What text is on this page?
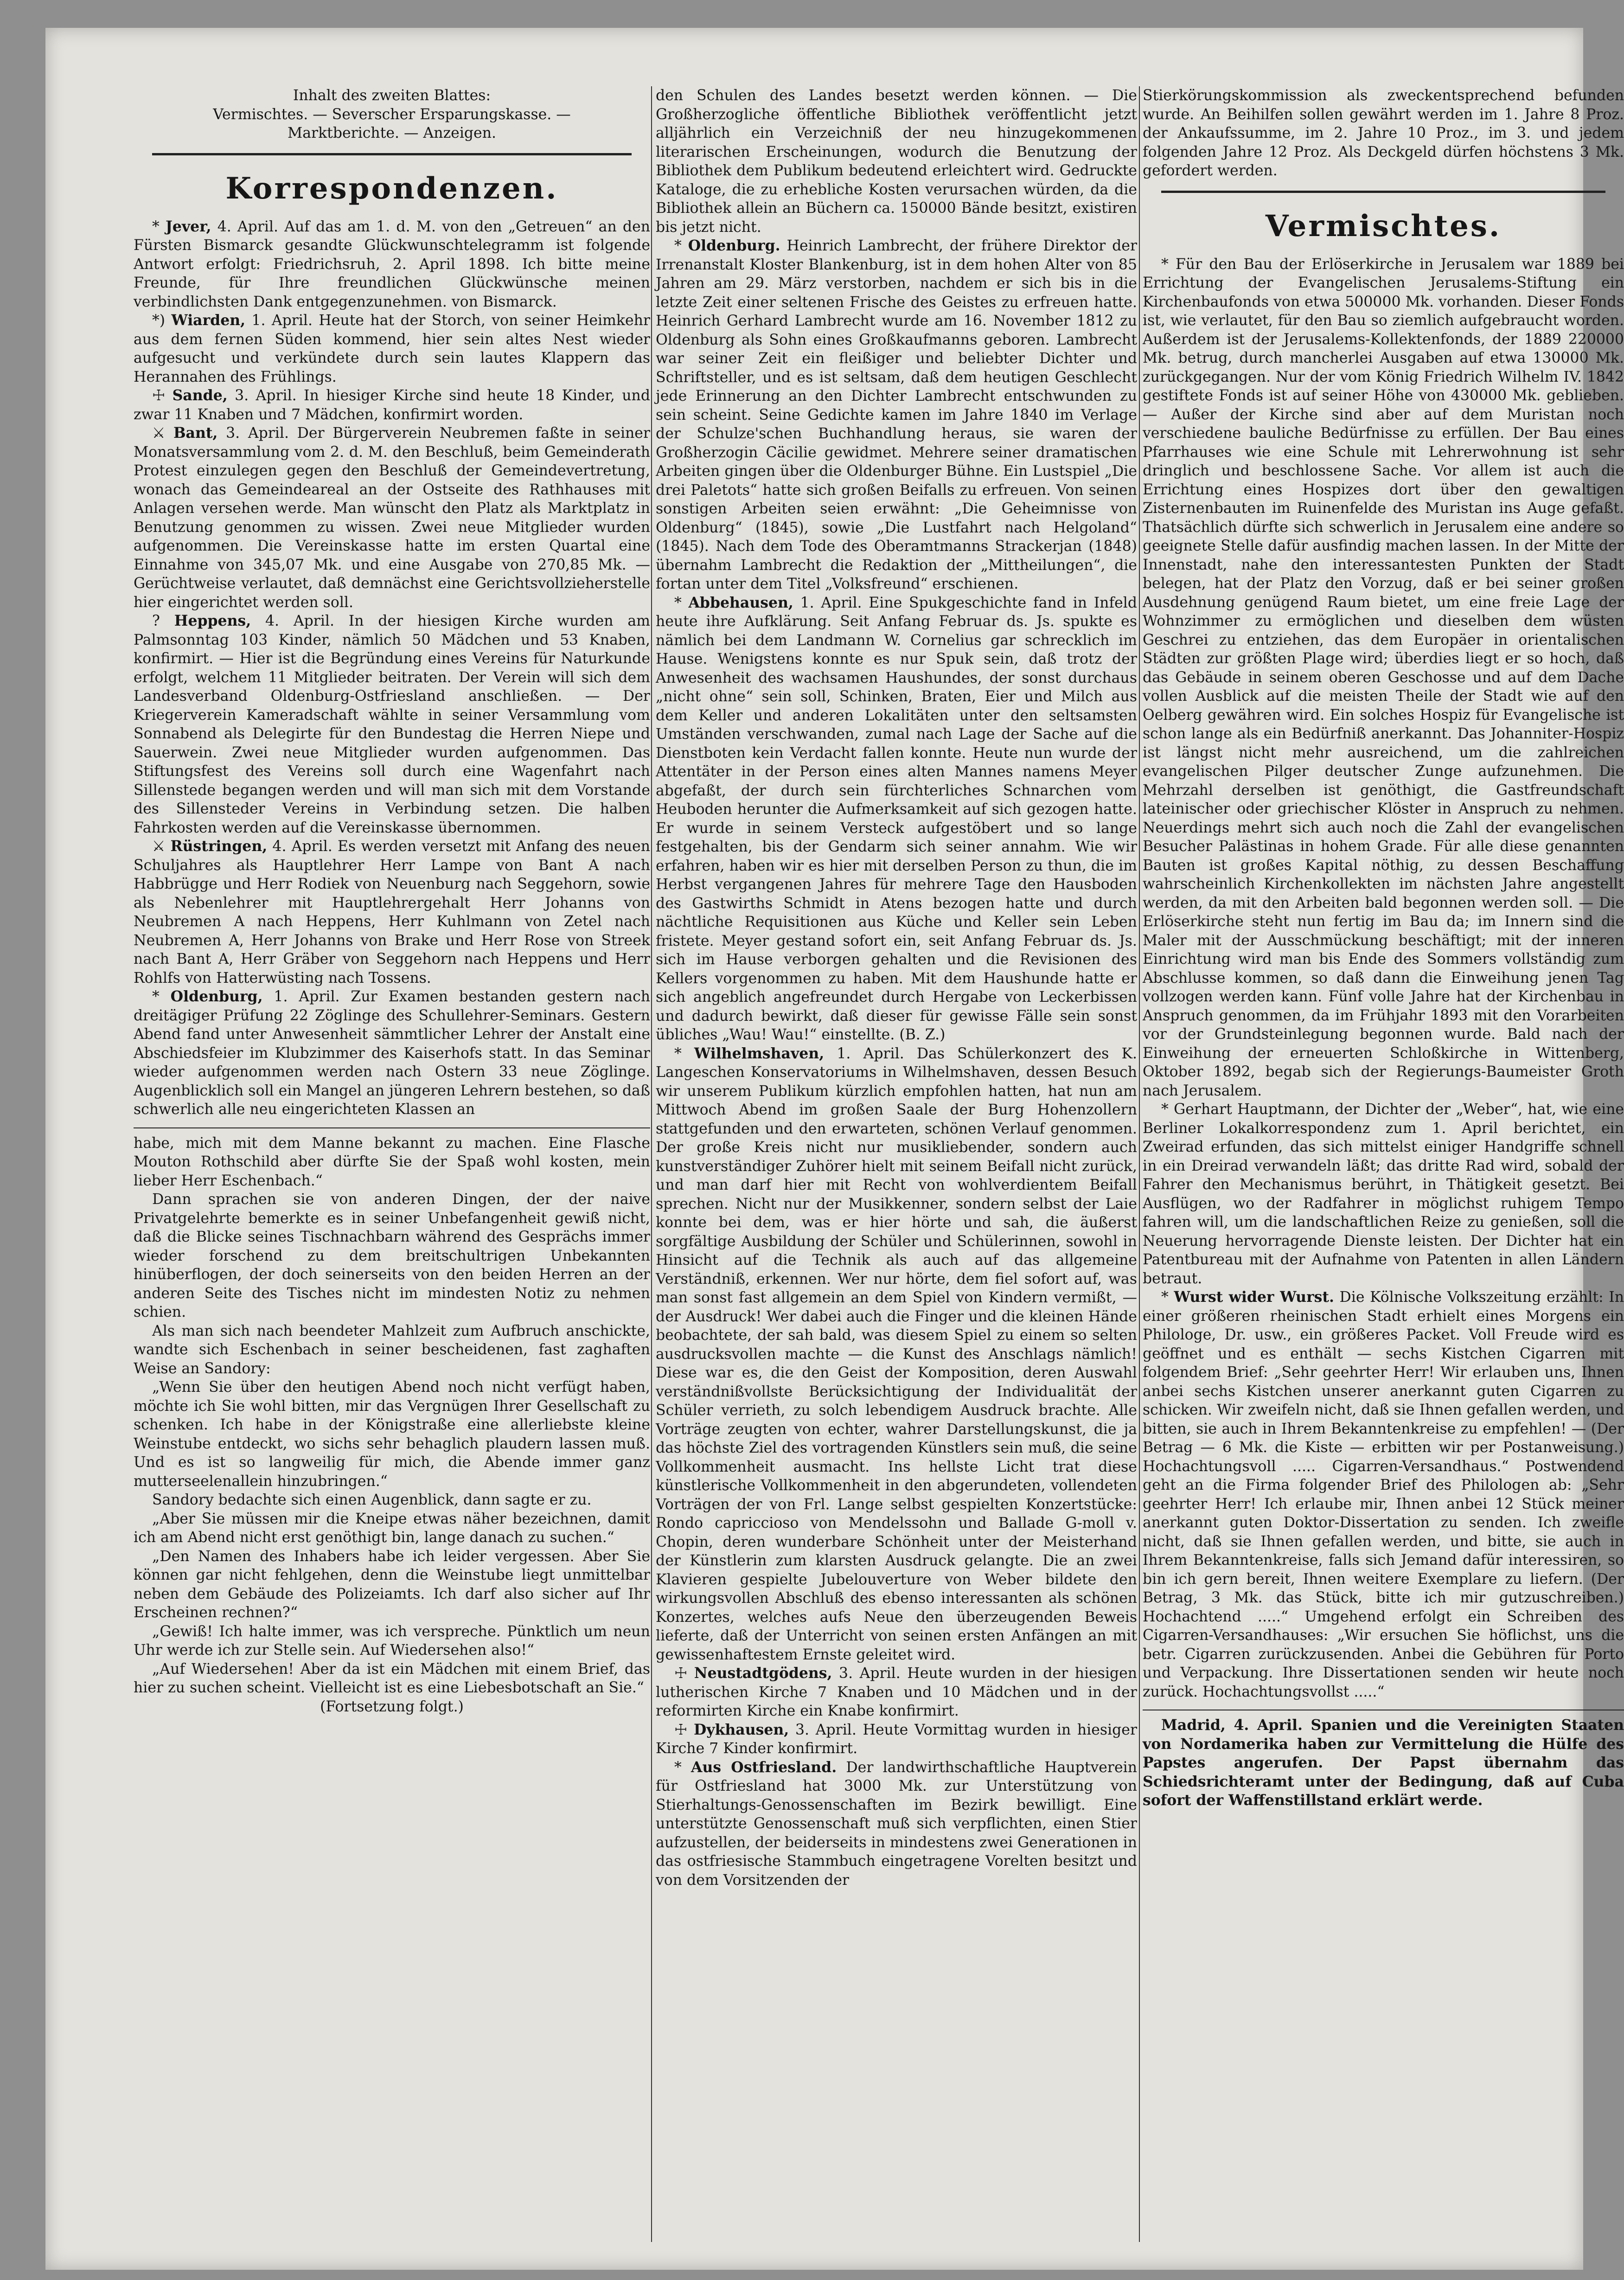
Inhalt des zweiten Blattes:

Vermischtes. — Severscher Ersparungskasse. —

Marktberichte. — Anzeigen.

Korrespondenzen.

* Jever, 4. April. Auf das am 1. d. M. von den „Getreuen“ an den Fürsten Bismarck gesandte Glückwunschtelegramm ist folgende Antwort erfolgt: Friedrichsruh, 2. April 1898. Ich bitte meine Freunde, für Ihre freundlichen Glückwünsche meinen verbindlichsten Dank entgegenzunehmen. von Bismarck.

*) Wiarden, 1. April. Heute hat der Storch, von seiner Heimkehr aus dem fernen Süden kommend, hier sein altes Nest wieder aufgesucht und verkündete durch sein lautes Klappern das Herannahen des Frühlings.

☩ Sande, 3. April. In hiesiger Kirche sind heute 18 Kinder, und zwar 11 Knaben und 7 Mädchen, konfirmirt worden.

⚔ Bant, 3. April. Der Bürgerverein Neubremen faßte in seiner Monatsversammlung vom 2. d. M. den Beschluß, beim Gemeinderath Protest einzulegen gegen den Beschluß der Gemeindevertretung, wonach das Gemeindeareal an der Ostseite des Rathhauses mit Anlagen versehen werde. Man wünscht den Platz als Marktplatz in Benutzung genommen zu wissen. Zwei neue Mitglieder wurden aufgenommen. Die Vereinskasse hatte im ersten Quartal eine Einnahme von 345,07 Mk. und eine Ausgabe von 270,85 Mk. — Gerüchtweise verlautet, daß demnächst eine Gerichtsvollzieherstelle hier eingerichtet werden soll.

? Heppens, 4. April. In der hiesigen Kirche wurden am Palmsonntag 103 Kinder, nämlich 50 Mädchen und 53 Knaben, konfirmirt. — Hier ist die Begründung eines Vereins für Naturkunde erfolgt, welchem 11 Mitglieder beitraten. Der Verein will sich dem Landesverband Oldenburg-Ostfriesland anschließen. — Der Kriegerverein Kameradschaft wählte in seiner Versammlung vom Sonnabend als Delegirte für den Bundestag die Herren Niepe und Sauerwein. Zwei neue Mitglieder wurden aufgenommen. Das Stiftungsfest des Vereins soll durch eine Wagenfahrt nach Sillenstede begangen werden und will man sich mit dem Vorstande des Sillensteder Vereins in Verbindung setzen. Die halben Fahrkosten werden auf die Vereinskasse übernommen.

⚔ Rüstringen, 4. April. Es werden versetzt mit Anfang des neuen Schuljahres als Hauptlehrer Herr Lampe von Bant A nach Habbrügge und Herr Rodiek von Neuenburg nach Seggehorn, sowie als Nebenlehrer mit Hauptlehrergehalt Herr Johanns von Neubremen A nach Heppens, Herr Kuhlmann von Zetel nach Neubremen A, Herr Johanns von Brake und Herr Rose von Streek nach Bant A, Herr Gräber von Seggehorn nach Heppens und Herr Rohlfs von Hatterwüsting nach Tossens.

* Oldenburg, 1. April. Zur Examen bestanden gestern nach dreitägiger Prüfung 22 Zöglinge des Schullehrer-Seminars. Gestern Abend fand unter Anwesenheit sämmtlicher Lehrer der Anstalt eine Abschiedsfeier im Klubzimmer des Kaiserhofs statt. In das Seminar wieder aufgenommen werden nach Ostern 33 neue Zöglinge. Augenblicklich soll ein Mangel an jüngeren Lehrern bestehen, so daß schwerlich alle neu eingerichteten Klassen an

habe, mich mit dem Manne bekannt zu machen. Eine Flasche Mouton Rothschild aber dürfte Sie der Spaß wohl kosten, mein lieber Herr Eschenbach.“

Dann sprachen sie von anderen Dingen, der der naive Privatgelehrte bemerkte es in seiner Unbefangenheit gewiß nicht, daß die Blicke seines Tischnachbarn während des Gesprächs immer wieder forschend zu dem breitschultrigen Unbekannten hinüberflogen, der doch seinerseits von den beiden Herren an der anderen Seite des Tisches nicht im mindesten Notiz zu nehmen schien.

Als man sich nach beendeter Mahlzeit zum Aufbruch anschickte, wandte sich Eschenbach in seiner bescheidenen, fast zaghaften Weise an Sandory:

„Wenn Sie über den heutigen Abend noch nicht verfügt haben, möchte ich Sie wohl bitten, mir das Vergnügen Ihrer Gesellschaft zu schenken. Ich habe in der Königstraße eine allerliebste kleine Weinstube entdeckt, wo sichs sehr behaglich plaudern lassen muß. Und es ist so langweilig für mich, die Abende immer ganz mutterseelenallein hinzubringen.“

Sandory bedachte sich einen Augenblick, dann sagte er zu.

„Aber Sie müssen mir die Kneipe etwas näher bezeichnen, damit ich am Abend nicht erst genöthigt bin, lange danach zu suchen.“

„Den Namen des Inhabers habe ich leider vergessen. Aber Sie können gar nicht fehlgehen, denn die Weinstube liegt unmittelbar neben dem Gebäude des Polizeiamts. Ich darf also sicher auf Ihr Erscheinen rechnen?“

„Gewiß! Ich halte immer, was ich verspreche. Pünktlich um neun Uhr werde ich zur Stelle sein. Auf Wiedersehen also!“

„Auf Wiedersehen! Aber da ist ein Mädchen mit einem Brief, das hier zu suchen scheint. Vielleicht ist es eine Liebesbotschaft an Sie.“

(Fortsetzung folgt.)

den Schulen des Landes besetzt werden können. — Die Großherzogliche öffentliche Bibliothek veröffentlicht jetzt alljährlich ein Verzeichniß der neu hinzugekommenen literarischen Erscheinungen, wodurch die Benutzung der Bibliothek dem Publikum bedeutend erleichtert wird. Gedruckte Kataloge, die zu erhebliche Kosten verursachen würden, da die Bibliothek allein an Büchern ca. 150000 Bände besitzt, existiren bis jetzt nicht.

* Oldenburg. Heinrich Lambrecht, der frühere Direktor der Irrenanstalt Kloster Blankenburg, ist in dem hohen Alter von 85 Jahren am 29. März verstorben, nachdem er sich bis in die letzte Zeit einer seltenen Frische des Geistes zu erfreuen hatte. Heinrich Gerhard Lambrecht wurde am 16. November 1812 zu Oldenburg als Sohn eines Großkaufmanns geboren. Lambrecht war seiner Zeit ein fleißiger und beliebter Dichter und Schriftsteller, und es ist seltsam, daß dem heutigen Geschlecht jede Erinnerung an den Dichter Lambrecht entschwunden zu sein scheint. Seine Gedichte kamen im Jahre 1840 im Verlage der Schulze'schen Buchhandlung heraus, sie waren der Großherzogin Cäcilie gewidmet. Mehrere seiner dramatischen Arbeiten gingen über die Oldenburger Bühne. Ein Lustspiel „Die drei Paletots“ hatte sich großen Beifalls zu erfreuen. Von seinen sonstigen Arbeiten seien erwähnt: „Die Geheimnisse von Oldenburg“ (1845), sowie „Die Lustfahrt nach Helgoland“ (1845). Nach dem Tode des Oberamtmanns Strackerjan (1848) übernahm Lambrecht die Redaktion der „Mittheilungen“, die fortan unter dem Titel „Volksfreund“ erschienen.

* Abbehausen, 1. April. Eine Spukgeschichte fand in Infeld heute ihre Aufklärung. Seit Anfang Februar ds. Js. spukte es nämlich bei dem Landmann W. Cornelius gar schrecklich im Hause. Wenigstens konnte es nur Spuk sein, daß trotz der Anwesenheit des wachsamen Haushundes, der sonst durchaus „nicht ohne“ sein soll, Schinken, Braten, Eier und Milch aus dem Keller und anderen Lokalitäten unter den seltsamsten Umständen verschwanden, zumal nach Lage der Sache auf die Dienstboten kein Verdacht fallen konnte. Heute nun wurde der Attentäter in der Person eines alten Mannes namens Meyer abgefaßt, der durch sein fürchterliches Schnarchen vom Heuboden herunter die Aufmerksamkeit auf sich gezogen hatte. Er wurde in seinem Versteck aufgestöbert und so lange festgehalten, bis der Gendarm sich seiner annahm. Wie wir erfahren, haben wir es hier mit derselben Person zu thun, die im Herbst vergangenen Jahres für mehrere Tage den Hausboden des Gastwirths Schmidt in Atens bezogen hatte und durch nächtliche Requisitionen aus Küche und Keller sein Leben fristete. Meyer gestand sofort ein, seit Anfang Februar ds. Js. sich im Hause verborgen gehalten und die Revisionen des Kellers vorgenommen zu haben. Mit dem Haushunde hatte er sich angeblich angefreundet durch Hergabe von Leckerbissen und dadurch bewirkt, daß dieser für gewisse Fälle sein sonst übliches „Wau! Wau!“ einstellte. (B. Z.)

* Wilhelmshaven, 1. April. Das Schülerkonzert des K. Langeschen Konservatoriums in Wilhelmshaven, dessen Besuch wir unserem Publikum kürzlich empfohlen hatten, hat nun am Mittwoch Abend im großen Saale der Burg Hohenzollern stattgefunden und den erwarteten, schönen Verlauf genommen. Der große Kreis nicht nur musikliebender, sondern auch kunstverständiger Zuhörer hielt mit seinem Beifall nicht zurück, und man darf hier mit Recht von wohlverdientem Beifall sprechen. Nicht nur der Musikkenner, sondern selbst der Laie konnte bei dem, was er hier hörte und sah, die äußerst sorgfältige Ausbildung der Schüler und Schülerinnen, sowohl in Hinsicht auf die Technik als auch auf das allgemeine Verständniß, erkennen. Wer nur hörte, dem fiel sofort auf, was man sonst fast allgemein an dem Spiel von Kindern vermißt, — der Ausdruck! Wer dabei auch die Finger und die kleinen Hände beobachtete, der sah bald, was diesem Spiel zu einem so selten ausdrucksvollen machte — die Kunst des Anschlags nämlich! Diese war es, die den Geist der Komposition, deren Auswahl verständnißvollste Berücksichtigung der Individualität der Schüler verrieth, zu solch lebendigem Ausdruck brachte. Alle Vorträge zeugten von echter, wahrer Darstellungskunst, die ja das höchste Ziel des vortragenden Künstlers sein muß, die seine Vollkommenheit ausmacht. Ins hellste Licht trat diese künstlerische Vollkommenheit in den abgerundeten, vollendeten Vorträgen der von Frl. Lange selbst gespielten Konzertstücke: Rondo capriccioso von Mendelssohn und Ballade G-moll v. Chopin, deren wunderbare Schönheit unter der Meisterhand der Künstlerin zum klarsten Ausdruck gelangte. Die an zwei Klavieren gespielte Jubelouverture von Weber bildete den wirkungsvollen Abschluß des ebenso interessanten als schönen Konzertes, welches aufs Neue den überzeugenden Beweis lieferte, daß der Unterricht von seinen ersten Anfängen an mit gewissenhaftestem Ernste geleitet wird.

☩ Neustadtgödens, 3. April. Heute wurden in der hiesigen lutherischen Kirche 7 Knaben und 10 Mädchen und in der reformirten Kirche ein Knabe konfirmirt.

☩ Dykhausen, 3. April. Heute Vormittag wurden in hiesiger Kirche 7 Kinder konfirmirt.

* Aus Ostfriesland. Der landwirthschaftliche Hauptverein für Ostfriesland hat 3000 Mk. zur Unterstützung von Stierhaltungs-Genossenschaften im Bezirk bewilligt. Eine unterstützte Genossenschaft muß sich verpflichten, einen Stier aufzustellen, der beiderseits in mindestens zwei Generationen in das ostfriesische Stammbuch eingetragene Vorelten besitzt und von dem Vorsitzenden der

Stierkörungskommission als zweckentsprechend befunden wurde. An Beihilfen sollen gewährt werden im 1. Jahre 8 Proz. der Ankaufssumme, im 2. Jahre 10 Proz., im 3. und jedem folgenden Jahre 12 Proz. Als Deckgeld dürfen höchstens 3 Mk. gefordert werden.

Vermischtes.

* Für den Bau der Erlöserkirche in Jerusalem war 1889 bei Errichtung der Evangelischen Jerusalems-Stiftung ein Kirchenbaufonds von etwa 500000 Mk. vorhanden. Dieser Fonds ist, wie verlautet, für den Bau so ziemlich aufgebraucht worden. Außerdem ist der Jerusalems-Kollektenfonds, der 1889 220000 Mk. betrug, durch mancherlei Ausgaben auf etwa 130000 Mk. zurückgegangen. Nur der vom König Friedrich Wilhelm IV. 1842 gestiftete Fonds ist auf seiner Höhe von 430000 Mk. geblieben. — Außer der Kirche sind aber auf dem Muristan noch verschiedene bauliche Bedürfnisse zu erfüllen. Der Bau eines Pfarrhauses wie eine Schule mit Lehrerwohnung ist sehr dringlich und beschlossene Sache. Vor allem ist auch die Errichtung eines Hospizes dort über den gewaltigen Zisternenbauten im Ruinenfelde des Muristan ins Auge gefaßt. Thatsächlich dürfte sich schwerlich in Jerusalem eine andere so geeignete Stelle dafür ausfindig machen lassen. In der Mitte der Innenstadt, nahe den interessantesten Punkten der Stadt belegen, hat der Platz den Vorzug, daß er bei seiner großen Ausdehnung genügend Raum bietet, um eine freie Lage der Wohnzimmer zu ermöglichen und dieselben dem wüsten Geschrei zu entziehen, das dem Europäer in orientalischen Städten zur größten Plage wird; überdies liegt er so hoch, daß das Gebäude in seinem oberen Geschosse und auf dem Dache vollen Ausblick auf die meisten Theile der Stadt wie auf den Oelberg gewähren wird. Ein solches Hospiz für Evangelische ist schon lange als ein Bedürfniß anerkannt. Das Johanniter-Hospiz ist längst nicht mehr ausreichend, um die zahlreichen evangelischen Pilger deutscher Zunge aufzunehmen. Die Mehrzahl derselben ist genöthigt, die Gastfreundschaft lateinischer oder griechischer Klöster in Anspruch zu nehmen. Neuerdings mehrt sich auch noch die Zahl der evangelischen Besucher Palästinas in hohem Grade. Für alle diese genannten Bauten ist großes Kapital nöthig, zu dessen Beschaffung wahrscheinlich Kirchenkollekten im nächsten Jahre angestellt werden, da mit den Arbeiten bald begonnen werden soll. — Die Erlöserkirche steht nun fertig im Bau da; im Innern sind die Maler mit der Ausschmückung beschäftigt; mit der inneren Einrichtung wird man bis Ende des Sommers vollständig zum Abschlusse kommen, so daß dann die Einweihung jenen Tag vollzogen werden kann. Fünf volle Jahre hat der Kirchenbau in Anspruch genommen, da im Frühjahr 1893 mit den Vorarbeiten vor der Grundsteinlegung begonnen wurde. Bald nach der Einweihung der erneuerten Schloßkirche in Wittenberg, Oktober 1892, begab sich der Regierungs-Baumeister Groth nach Jerusalem.

* Gerhart Hauptmann, der Dichter der „Weber“, hat, wie eine Berliner Lokalkorrespondenz zum 1. April berichtet, ein Zweirad erfunden, das sich mittelst einiger Handgriffe schnell in ein Dreirad verwandeln läßt; das dritte Rad wird, sobald der Fahrer den Mechanismus berührt, in Thätigkeit gesetzt. Bei Ausflügen, wo der Radfahrer in möglichst ruhigem Tempo fahren will, um die landschaftlichen Reize zu genießen, soll die Neuerung hervorragende Dienste leisten. Der Dichter hat ein Patentbureau mit der Aufnahme von Patenten in allen Ländern betraut.

* Wurst wider Wurst. Die Kölnische Volkszeitung erzählt: In einer größeren rheinischen Stadt erhielt eines Morgens ein Philologe, Dr. usw., ein größeres Packet. Voll Freude wird es geöffnet und es enthält — sechs Kistchen Cigarren mit folgendem Brief: „Sehr geehrter Herr! Wir erlauben uns, Ihnen anbei sechs Kistchen unserer anerkannt guten Cigarren zu schicken. Wir zweifeln nicht, daß sie Ihnen gefallen werden, und bitten, sie auch in Ihrem Bekanntenkreise zu empfehlen! — (Der Betrag — 6 Mk. die Kiste — erbitten wir per Postanweisung.) Hochachtungsvoll ..... Cigarren-Versandhaus.“ Postwendend geht an die Firma folgender Brief des Philologen ab: „Sehr geehrter Herr! Ich erlaube mir, Ihnen anbei 12 Stück meiner anerkannt guten Doktor-Dissertation zu senden. Ich zweifle nicht, daß sie Ihnen gefallen werden, und bitte, sie auch in Ihrem Bekanntenkreise, falls sich Jemand dafür interessiren, so bin ich gern bereit, Ihnen weitere Exemplare zu liefern. (Der Betrag, 3 Mk. das Stück, bitte ich mir gutzuschreiben.) Hochachtend .....“ Umgehend erfolgt ein Schreiben des Cigarren-Versandhauses: „Wir ersuchen Sie höflichst, uns die betr. Cigarren zurückzusenden. Anbei die Gebühren für Porto und Verpackung. Ihre Dissertationen senden wir heute noch zurück. Hochachtungsvollst .....“

Madrid, 4. April. Spanien und die Vereinigten Staaten von Nordamerika haben zur Vermittelung die Hülfe des Papstes angerufen. Der Papst übernahm das Schiedsrichteramt unter der Bedingung, daß auf Cuba sofort der Waffenstillstand erklärt werde.
